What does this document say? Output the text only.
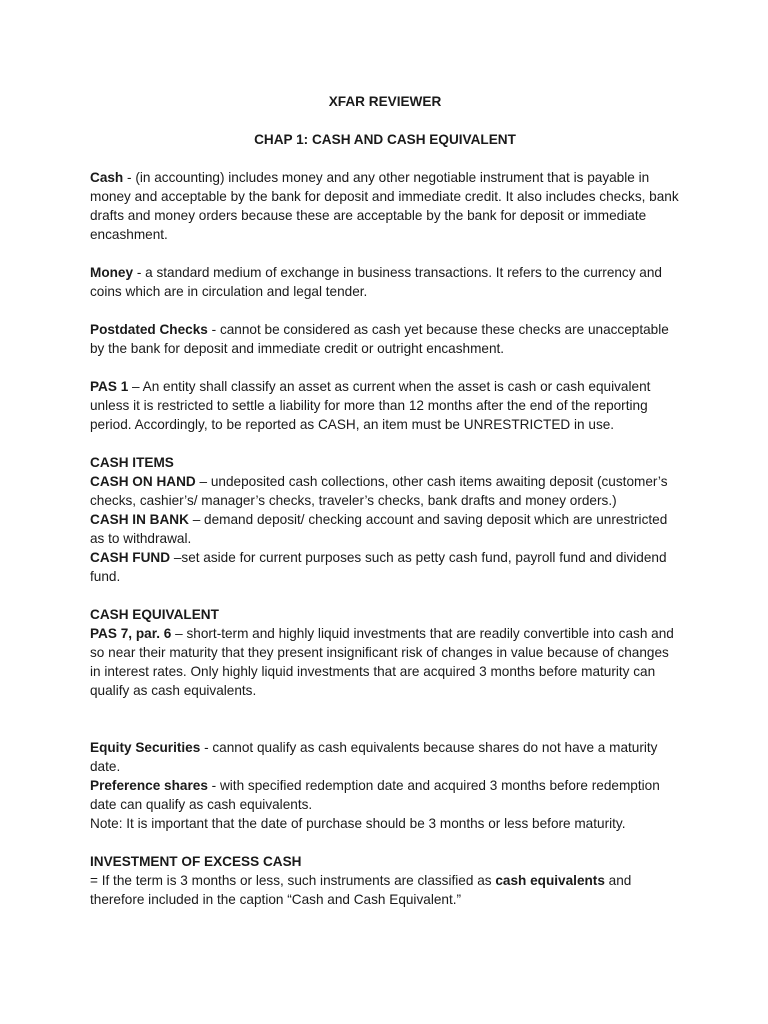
XFAR REVIEWER

CHAP 1: CASH AND CASH EQUIVALENT

Cash - (in accounting) includes money and any other negotiable instrument that is payable in money and acceptable by the bank for deposit and immediate credit. It also includes checks, bank drafts and money orders because these are acceptable by the bank for deposit or immediate encashment.

Money - a standard medium of exchange in business transactions. It refers to the currency and coins which are in circulation and legal tender.

Postdated Checks - cannot be considered as cash yet because these checks are unacceptable by the bank for deposit and immediate credit or outright encashment.

PAS 1 – An entity shall classify an asset as current when the asset is cash or cash equivalent unless it is restricted to settle a liability for more than 12 months after the end of the reporting period. Accordingly, to be reported as CASH, an item must be UNRESTRICTED in use.

CASH ITEMS

CASH ON HAND – undeposited cash collections, other cash items awaiting deposit (customer’s checks, cashier’s/ manager’s checks, traveler’s checks, bank drafts and money orders.)

CASH IN BANK – demand deposit/ checking account and saving deposit which are unrestricted as to withdrawal.

CASH FUND –set aside for current purposes such as petty cash fund, payroll fund and dividend fund.

CASH EQUIVALENT

PAS 7, par. 6 – short-term and highly liquid investments that are readily convertible into cash and so near their maturity that they present insignificant risk of changes in value because of changes in interest rates. Only highly liquid investments that are acquired 3 months before maturity can qualify as cash equivalents.

Equity Securities - cannot qualify as cash equivalents because shares do not have a maturity date.

Preference shares - with specified redemption date and acquired 3 months before redemption date can qualify as cash equivalents.

Note: It is important that the date of purchase should be 3 months or less before maturity.

INVESTMENT OF EXCESS CASH

= If the term is 3 months or less, such instruments are classified as cash equivalents and therefore included in the caption “Cash and Cash Equivalent.”
